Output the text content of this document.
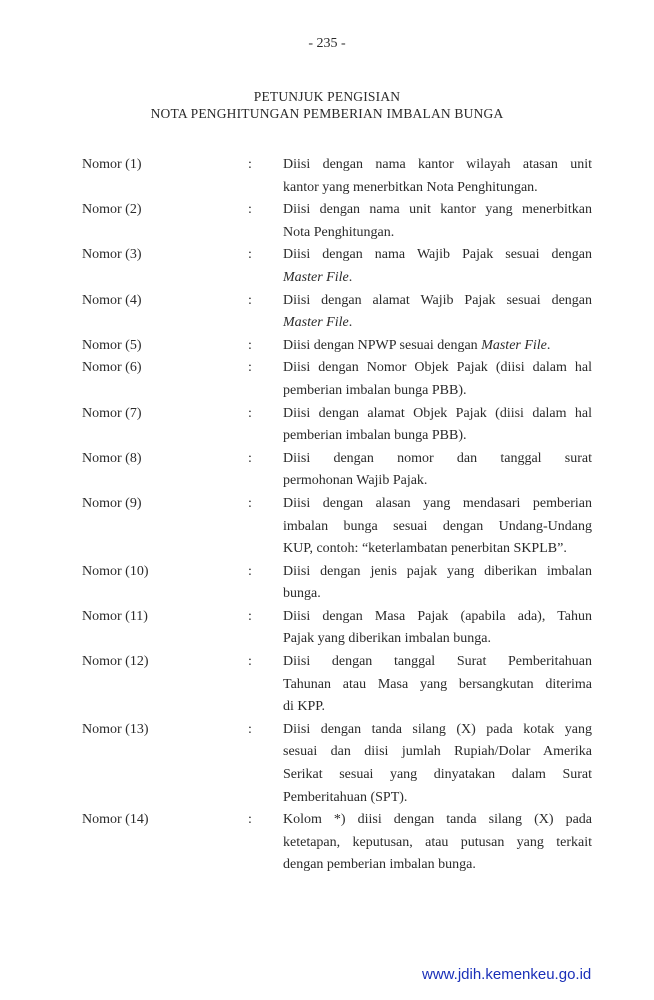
- 235 -
PETUNJUK PENGISIAN
NOTA PENGHITUNGAN PEMBERIAN IMBALAN BUNGA
Nomor (1)	: Diisi dengan nama kantor wilayah atasan unit
kantor yang menerbitkan Nota Penghitungan.
Nomor (2)	: Diisi dengan nama unit kantor yang menerbitkan
Nota Penghitungan.
Nomor (3)	: Diisi dengan nama Wajib Pajak sesuai dengan
Master File.
Nomor (4)	: Diisi dengan alamat Wajib Pajak sesuai dengan
Master File.
Nomor (5)	: Diisi dengan NPWP sesuai dengan Master File.
Nomor (6)	: Diisi dengan Nomor Objek Pajak (diisi dalam hal
pemberian imbalan bunga PBB).
Nomor (7)	: Diisi dengan alamat Objek Pajak (diisi dalam hal
pemberian imbalan bunga PBB).
Nomor (8)	: Diisi dengan nomor dan tanggal surat
permohonan Wajib Pajak.
Nomor (9)	: Diisi dengan alasan yang mendasari pemberian
imbalan bunga sesuai dengan Undang-Undang
KUP, contoh: “keterlambatan penerbitan SKPLB”.
Nomor (10)	: Diisi dengan jenis pajak yang diberikan imbalan
bunga.
Nomor (11)	: Diisi dengan Masa Pajak (apabila ada), Tahun
Pajak yang diberikan imbalan bunga.
Nomor (12)	: Diisi dengan tanggal Surat Pemberitahuan
Tahunan atau Masa yang bersangkutan diterima
di KPP.
Nomor (13)	: Diisi dengan tanda silang (X) pada kotak yang
sesuai dan diisi jumlah Rupiah/Dolar Amerika
Serikat sesuai yang dinyatakan dalam Surat
Pemberitahuan (SPT).
Nomor (14)	: Kolom *) diisi dengan tanda silang (X) pada
ketetapan, keputusan, atau putusan yang terkait
dengan pemberian imbalan bunga.
www.jdih.kemenkeu.go.id
